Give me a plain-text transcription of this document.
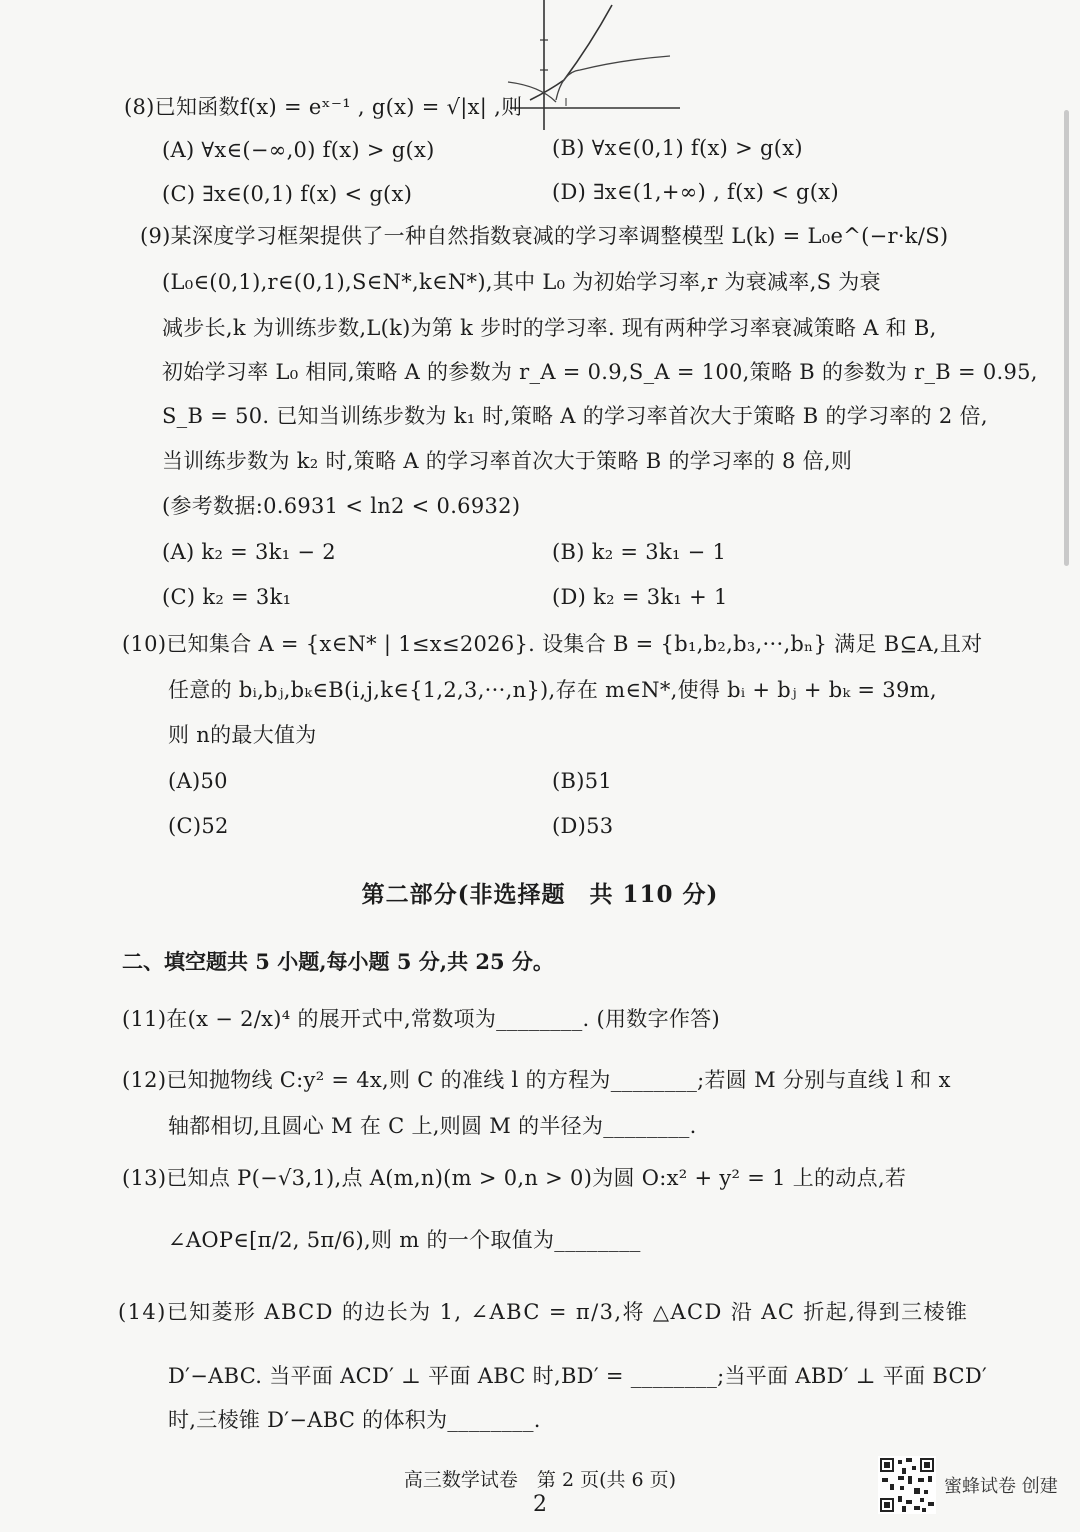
(8)已知函数f(x) = eˣ⁻¹ , g(x) = √|x| ,则
(A) ∀x∈(−∞,0) f(x) > g(x)	(B) ∀x∈(0,1) f(x) > g(x)
(C) ∃x∈(0,1) f(x) < g(x)	(D) ∃x∈(1,+∞) , f(x) < g(x)
(9)某深度学习框架提供了一种自然指数衰减的学习率调整模型 L(k) = L₀e^(−r·k/S)
(L₀∈(0,1),r∈(0,1),S∈N*,k∈N*),其中 L₀ 为初始学习率,r 为衰减率,S 为衰
减步长,k 为训练步数,L(k)为第 k 步时的学习率. 现有两种学习率衰减策略 A 和 B,
初始学习率 L₀ 相同,策略 A 的参数为 r_A = 0.9,S_A = 100,策略 B 的参数为 r_B = 0.95,
S_B = 50. 已知当训练步数为 k₁ 时,策略 A 的学习率首次大于策略 B 的学习率的 2 倍,
当训练步数为 k₂ 时,策略 A 的学习率首次大于策略 B 的学习率的 8 倍,则
(参考数据:0.6931 < ln2 < 0.6932)
(A) k₂ = 3k₁ − 2	(B) k₂ = 3k₁ − 1
(C) k₂ = 3k₁	(D) k₂ = 3k₁ + 1
(10)已知集合 A = {x∈N* | 1≤x≤2026}. 设集合 B = {b₁,b₂,b₃,···,bₙ} 满足 B⊆A,且对
任意的 bᵢ,bⱼ,bₖ∈B(i,j,k∈{1,2,3,···,n}),存在 m∈N*,使得 bᵢ + bⱼ + bₖ = 39m,
则 n的最大值为
(A)50	(B)51
(C)52	(D)53
第二部分(非选择题　共 110 分)
二、填空题共 5 小题,每小题 5 分,共 25 分。
(11)在(x − 2/x)⁴ 的展开式中,常数项为________. (用数字作答)
(12)已知抛物线 C:y² = 4x,则 C 的准线 l 的方程为________;若圆 M 分别与直线 l 和 x
轴都相切,且圆心 M 在 C 上,则圆 M 的半径为________.
(13)已知点 P(−√3,1),点 A(m,n)(m > 0,n > 0)为圆 O:x² + y² = 1 上的动点,若
∠AOP∈[π/2, 5π/6),则 m 的一个取值为________
(14)已知菱形 ABCD 的边长为 1, ∠ABC = π/3,将 △ACD 沿 AC 折起,得到三棱锥
D′−ABC. 当平面 ACD′ ⊥ 平面 ABC 时,BD′ = ________;当平面 ABD′ ⊥ 平面 BCD′
时,三棱锥 D′−ABC 的体积为________.
高三数学试卷　第 2 页(共 6 页)
2
蜜蜂试卷 创建
